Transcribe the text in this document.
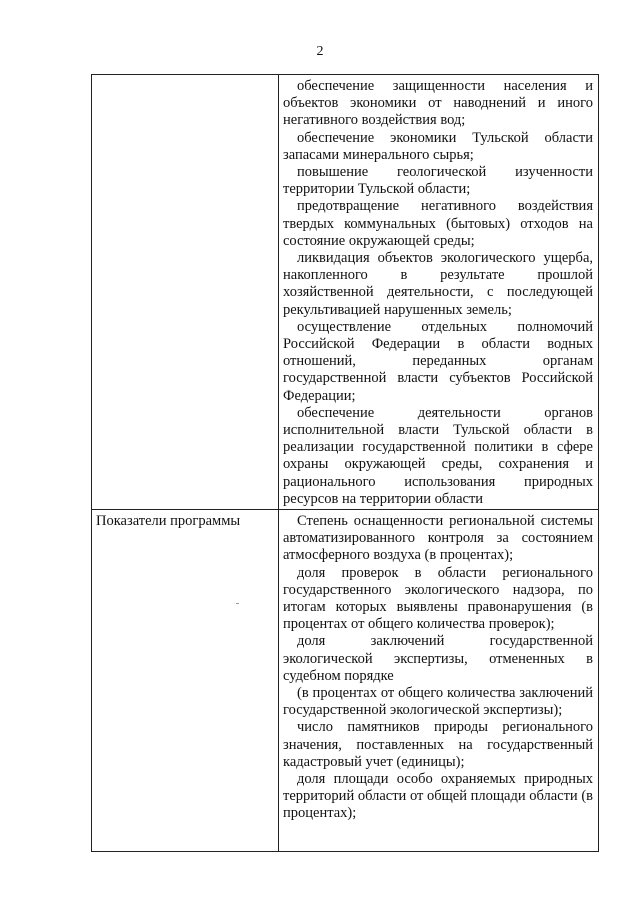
2

обеспечение защищенности населения и объектов экономики от наводнений и иного негативного воздействия вод;

обеспечение экономики Тульской области запасами минерального сырья;

повышение геологической изученности территории Тульской области;

предотвращение негативного воздействия твердых коммунальных (бытовых) отходов на состояние окружающей среды;

ликвидация объектов экологического ущерба, накопленного в результате прошлой хозяйственной деятельности, с последующей рекультивацией нарушенных земель;

осуществление отдельных полномочий Российской Федерации в области водных отношений, переданных органам государственной власти субъектов Российской Федерации;

обеспечение деятельности органов исполнительной власти Тульской области в реализации государственной политики в сфере охраны окружающей среды, сохранения и рационального использования природных ресурсов на территории области

Показатели программы	Степень оснащенности региональной системы автоматизированного контроля за состоянием атмосферного воздуха (в процентах);

доля проверок в области регионального государственного экологического надзора, по итогам которых выявлены правонарушения (в процентах от общего количества проверок);

доля заключений государственной экологической экспертизы, отмененных в судебном порядке

(в процентах от общего количества заключений государственной экологической экспертизы);

число памятников природы регионального значения, поставленных на государственный кадастровый учет (единицы);

доля площади особо охраняемых природных территорий области от общей площади области (в процентах);
